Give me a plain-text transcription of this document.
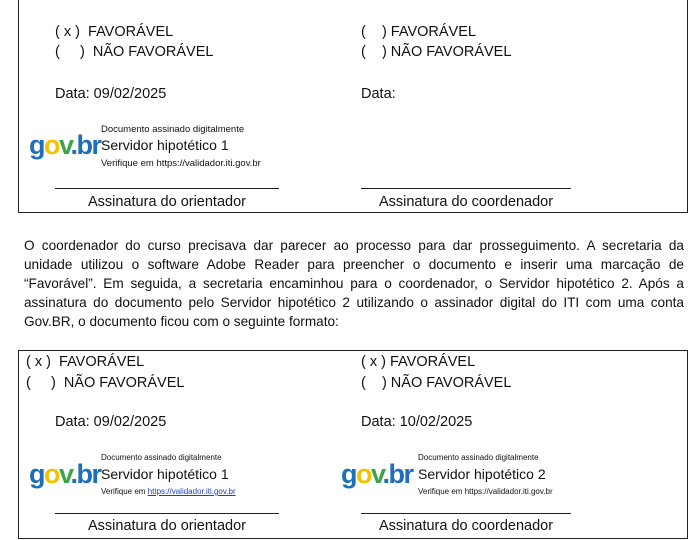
( x )  FAVORÁVEL
(     )  NÃO FAVORÁVEL
(    ) FAVORÁVEL
(    ) NÃO FAVORÁVEL
Data: 09/02/2025	Data:
gov.br
Documento assinado digitalmente
Servidor hipotético 1
Verifique em https://validador.iti.gov.br
Assinatura do orientador	Assinatura do coordenador
O coordenador do curso precisava dar parecer ao processo para dar prosseguimento. A secretaria da unidade utilizou o software Adobe Reader para preencher o documento e inserir uma marcação de “Favorável”. Em seguida, a secretaria encaminhou para o coordenador, o Servidor hipotético 2. Após a assinatura do documento pelo Servidor hipotético 2 utilizando o assinador digital do ITI com uma conta Gov.BR, o documento ficou com o seguinte formato:
( x )  FAVORÁVEL
(     )  NÃO FAVORÁVEL
( x ) FAVORÁVEL
(    ) NÃO FAVORÁVEL
Data: 09/02/2025	Data: 10/02/2025
gov.br
Documento assinado digitalmente
Servidor hipotético 1
Verifique em https://validador.iti.gov.br
gov.br
Documento assinado digitalmente
Servidor hipotético 2
Verifique em https://validador.iti.gov.br
Assinatura do orientador	Assinatura do coordenador
